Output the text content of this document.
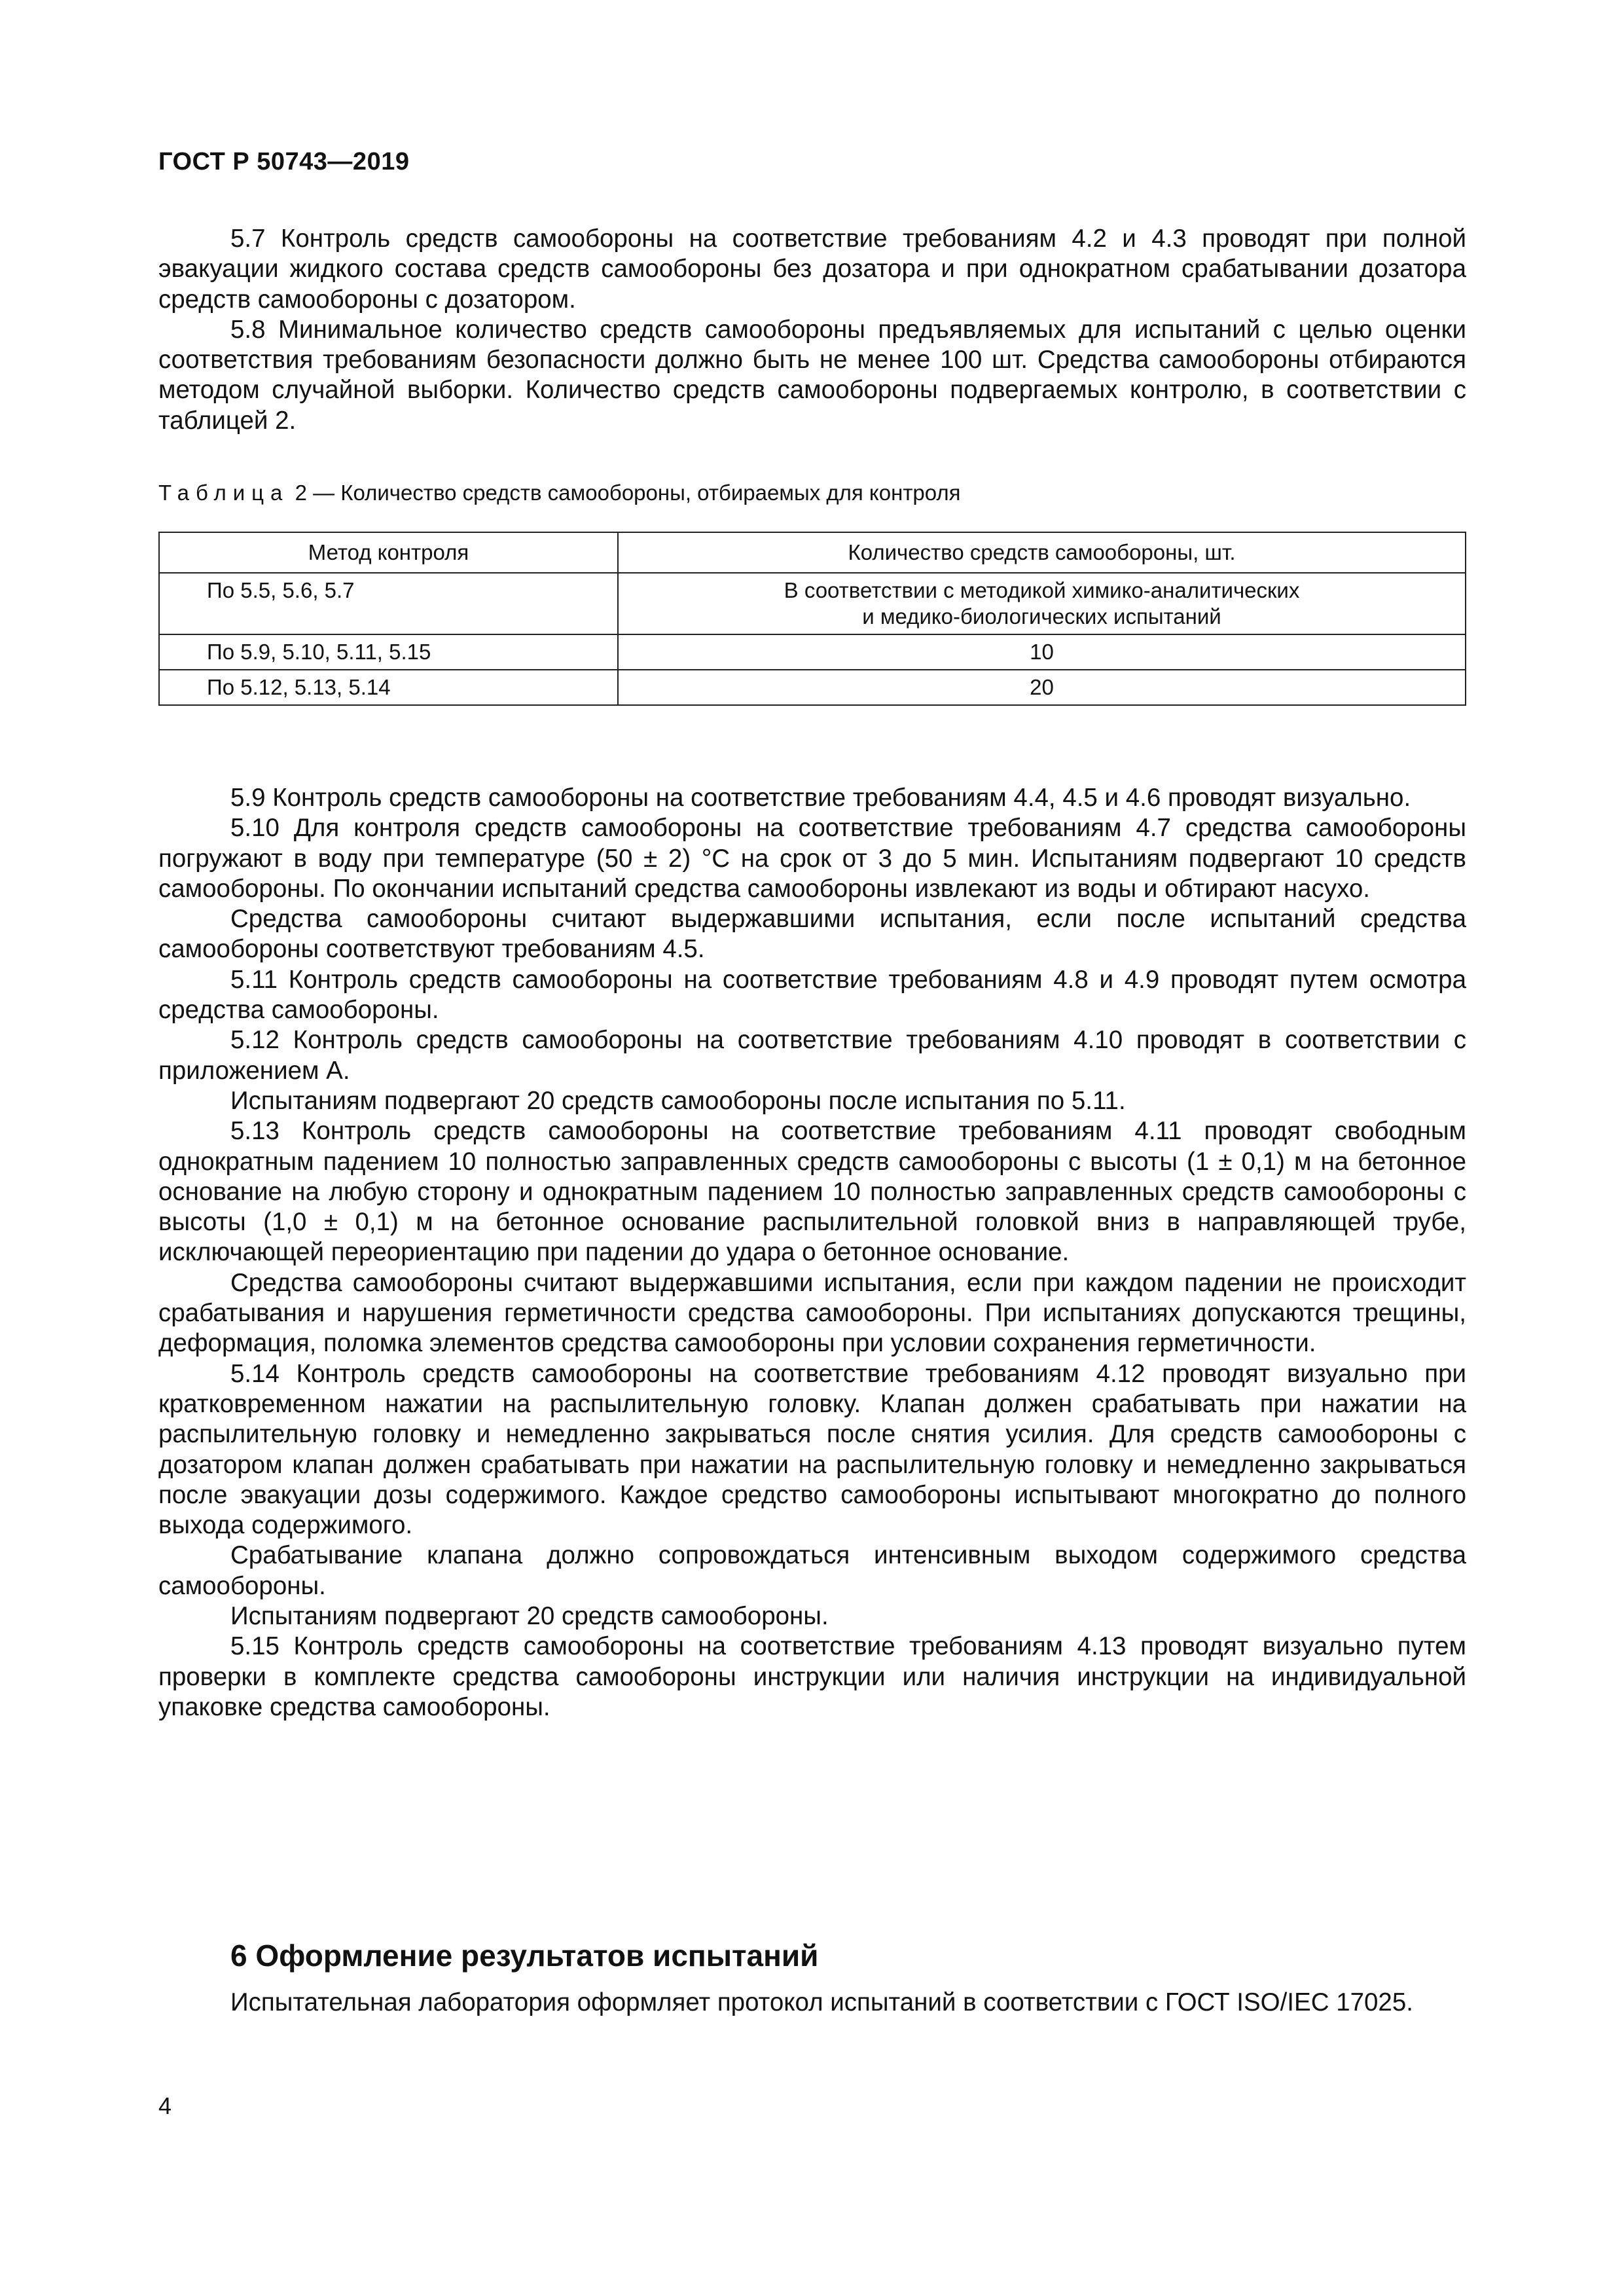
ГОСТ Р 50743—2019

5.7 Контроль средств самообороны на соответствие требованиям 4.2 и 4.3 проводят при полной эвакуации жидкого состава средств самообороны без дозатора и при однократном срабатывании дозатора средств самообороны с дозатором.

5.8 Минимальное количество средств самообороны предъявляемых для испытаний с целью оценки соответствия требованиям безопасности должно быть не менее 100 шт. Средства самообороны отбираются методом случайной выборки. Количество средств самообороны подвергаемых контролю, в соответствии с таблицей 2.

Таблица 2 — Количество средств самообороны, отбираемых для контроля
Метод контроля	Количество средств самообороны, шт.
По 5.5, 5.6, 5.7	В соответствии с методикой химико-аналитических
и медико-биологических испытаний
По 5.9, 5.10, 5.11, 5.15	10
По 5.12, 5.13, 5.14	20

5.9 Контроль средств самообороны на соответствие требованиям 4.4, 4.5 и 4.6 проводят визуально.

5.10 Для контроля средств самообороны на соответствие требованиям 4.7 средства самообороны погружают в воду при температуре (50 ± 2) °С на срок от 3 до 5 мин. Испытаниям подвергают 10 средств самообороны. По окончании испытаний средства самообороны извлекают из воды и обтирают насухо.

Средства самообороны считают выдержавшими испытания, если после испытаний средства самообороны соответствуют требованиям 4.5.

5.11 Контроль средств самообороны на соответствие требованиям 4.8 и 4.9 проводят путем осмотра средства самообороны.

5.12 Контроль средств самообороны на соответствие требованиям 4.10 проводят в соответствии с приложением А.

Испытаниям подвергают 20 средств самообороны после испытания по 5.11.

5.13 Контроль средств самообороны на соответствие требованиям 4.11 проводят свободным однократным падением 10 полностью заправленных средств самообороны с высоты (1 ± 0,1) м на бетонное основание на любую сторону и однократным падением 10 полностью заправленных средств самообороны с высоты (1,0 ± 0,1) м на бетонное основание распылительной головкой вниз в направляющей трубе, исключающей переориентацию при падении до удара о бетонное основание.

Средства самообороны считают выдержавшими испытания, если при каждом падении не происходит срабатывания и нарушения герметичности средства самообороны. При испытаниях допускаются трещины, деформация, поломка элементов средства самообороны при условии сохранения герметичности.

5.14 Контроль средств самообороны на соответствие требованиям 4.12 проводят визуально при кратковременном нажатии на распылительную головку. Клапан должен срабатывать при нажатии на распылительную головку и немедленно закрываться после снятия усилия. Для средств самообороны с дозатором клапан должен срабатывать при нажатии на распылительную головку и немедленно закрываться после эвакуации дозы содержимого. Каждое средство самообороны испытывают многократно до полного выхода содержимого.

Срабатывание клапана должно сопровождаться интенсивным выходом содержимого средства самообороны.

Испытаниям подвергают 20 средств самообороны.

5.15 Контроль средств самообороны на соответствие требованиям 4.13 проводят визуально путем проверки в комплекте средства самообороны инструкции или наличия инструкции на индивидуальной упаковке средства самообороны.

6 Оформление результатов испытаний

Испытательная лаборатория оформляет протокол испытаний в соответствии с ГОСТ ISO/IEC 17025.

4
